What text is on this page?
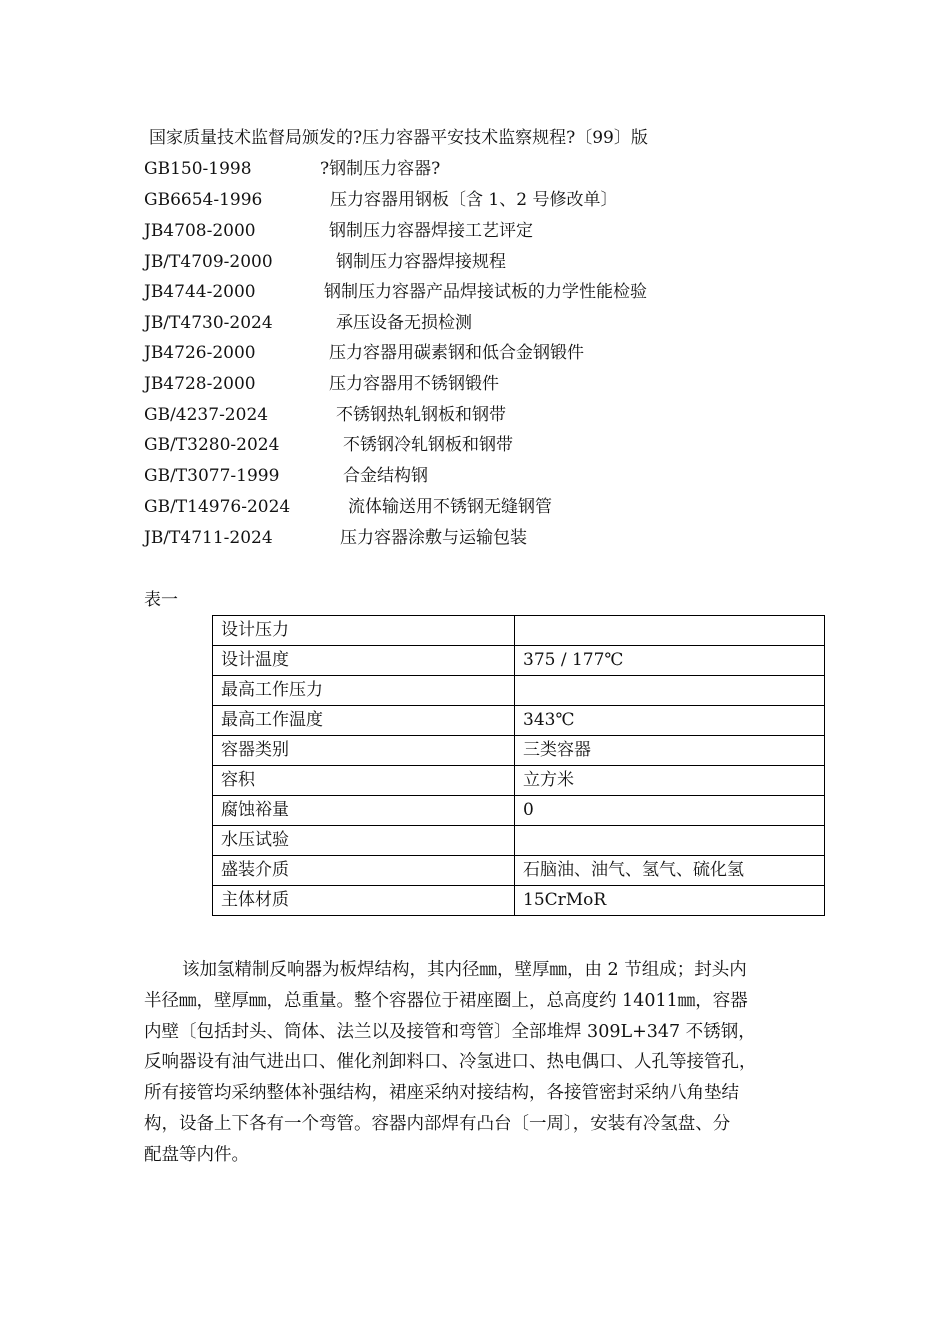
国家质量技术监督局颁发的?压力容器平安技术监察规程?〔99〕版
GB150-1998	?钢制压力容器?
GB6654-1996	压力容器用钢板〔含 1、2 号修改单〕
JB4708-2000	钢制压力容器焊接工艺评定
JB/T4709-2000	钢制压力容器焊接规程
JB4744-2000	钢制压力容器产品焊接试板的力学性能检验
JB/T4730-2024	承压设备无损检测
JB4726-2000	压力容器用碳素钢和低合金钢锻件
JB4728-2000	压力容器用不锈钢锻件
GB/4237-2024	不锈钢热轧钢板和钢带
GB/T3280-2024	不锈钢冷轧钢板和钢带
GB/T3077-1999	合金结构钢
GB/T14976-2024	流体输送用不锈钢无缝钢管
JB/T4711-2024	压力容器涂敷与运输包装
表一
设计压力	
设计温度	375 / 177℃
最高工作压力	
最高工作温度	343℃
容器类别	三类容器
容积	立方米
腐蚀裕量	0
水压试验	
盛装介质	石脑油、油气、氢气、硫化氢
主体材质	15CrMoR
该加氢精制反响器为板焊结构，其内径㎜，壁厚㎜，由 2 节组成；封头内
半径㎜，壁厚㎜，总重量。整个容器位于裙座圈上，总高度约 14011㎜，容器
内壁〔包括封头、筒体、法兰以及接管和弯管〕全部堆焊 309L+347 不锈钢，
反响器设有油气进出口、催化剂卸料口、冷氢进口、热电偶口、人孔等接管孔，
所有接管均采纳整体补强结构，裙座采纳对接结构，各接管密封采纳八角垫结
构，设备上下各有一个弯管。容器内部焊有凸台〔一周〕，安装有冷氢盘、分
配盘等内件。
